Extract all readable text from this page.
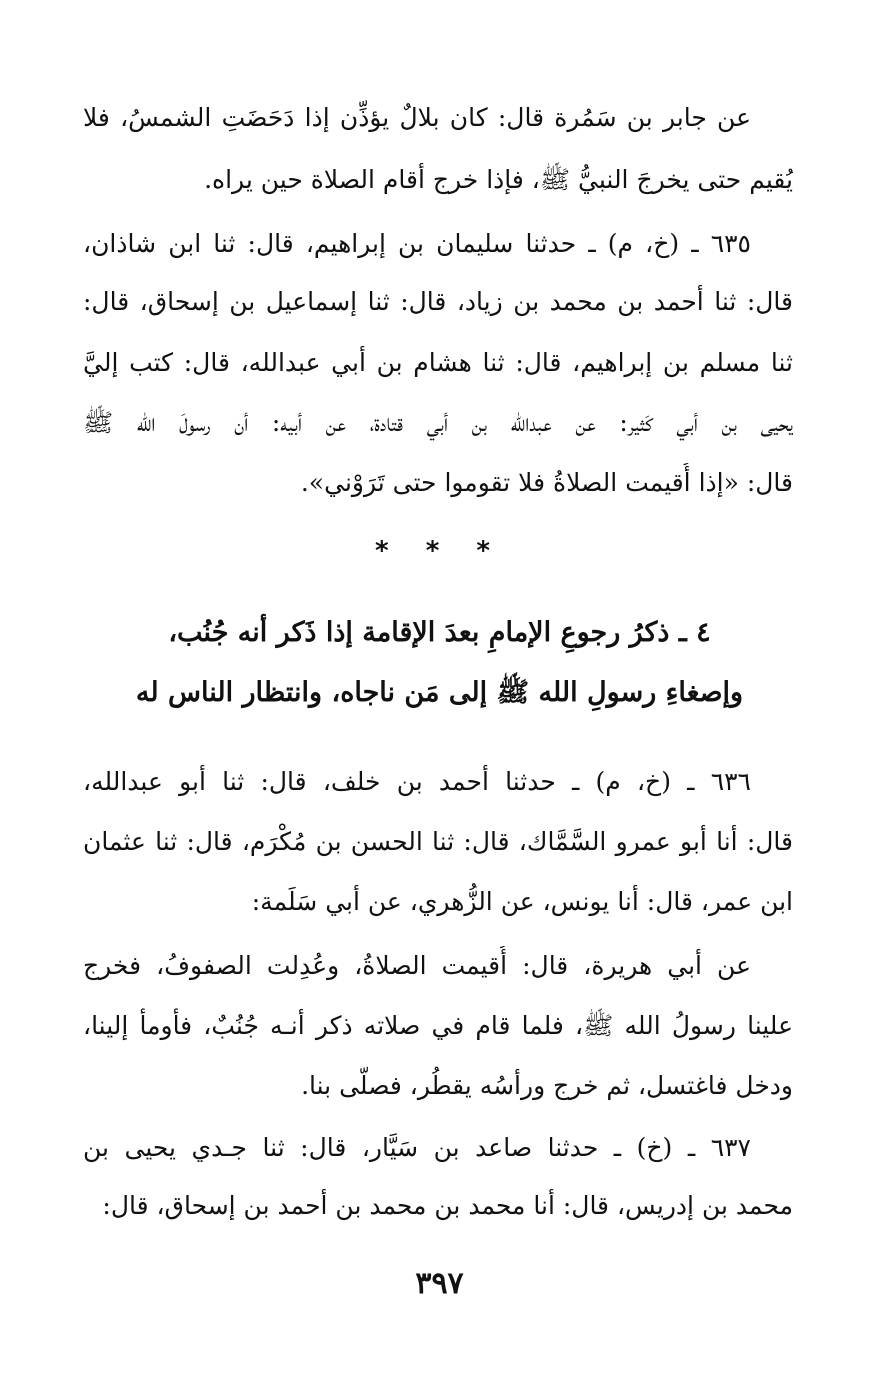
عن جابر بن سَمُرة قال: كان بلالٌ يؤذِّن إذا دَحَضَتِ الشمسُ، فلا
يُقيم حتى يخرجَ النبيُّ ﷺ، فإذا خرج أقام الصلاة حين يراه.
٦٣٥ ـ (خ، م) ـ حدثنا سليمان بن إبراهيم، قال: ثنا ابن شاذان،
قال: ثنا أحمد بن محمد بن زياد، قال: ثنا إسماعيل بن إسحاق، قال:
ثنا مسلم بن إبراهيم، قال: ثنا هشام بن أبي عبدالله، قال: كتب إليَّ
يحيى بن أبي كَثير: عن عبدالله بن أبي قتادة، عن أبيه: أن رسولَ الله ﷺ
قال: «إذا أُقيمت الصلاةُ فلا تقوموا حتى تَرَوْني».
* * *
٤ ـ ذكرُ رجوعِ الإمامِ بعدَ الإقامة إذا ذَكر أنه جُنُب،
وإصغاءِ رسولِ الله ﷺ إلى مَن ناجاه، وانتظار الناس له
٦٣٦ ـ (خ، م) ـ حدثنا أحمد بن خلف، قال: ثنا أبو عبدالله،
قال: أنا أبو عمرو السَّمَّاك، قال: ثنا الحسن بن مُكْرَم، قال: ثنا عثمان
ابن عمر، قال: أنا يونس، عن الزُّهري، عن أبي سَلَمة:
عن أبي هريرة، قال: أُقيمت الصلاةُ، وعُدِلت الصفوفُ، فخرج
علينا رسولُ الله ﷺ، فلما قام في صلاته ذكر أنـه جُنُبٌ، فأومأ إلينا،
ودخل فاغتسل، ثم خرج ورأسُه يقطُر، فصلَّى بنا.
٦٣٧ ـ (خ) ـ حدثنا صاعد بن سَيَّار، قال: ثنا جـدي يحيى بن
محمد بن إدريس، قال: أنا محمد بن محمد بن أحمد بن إسحاق، قال:
٣٩٧
